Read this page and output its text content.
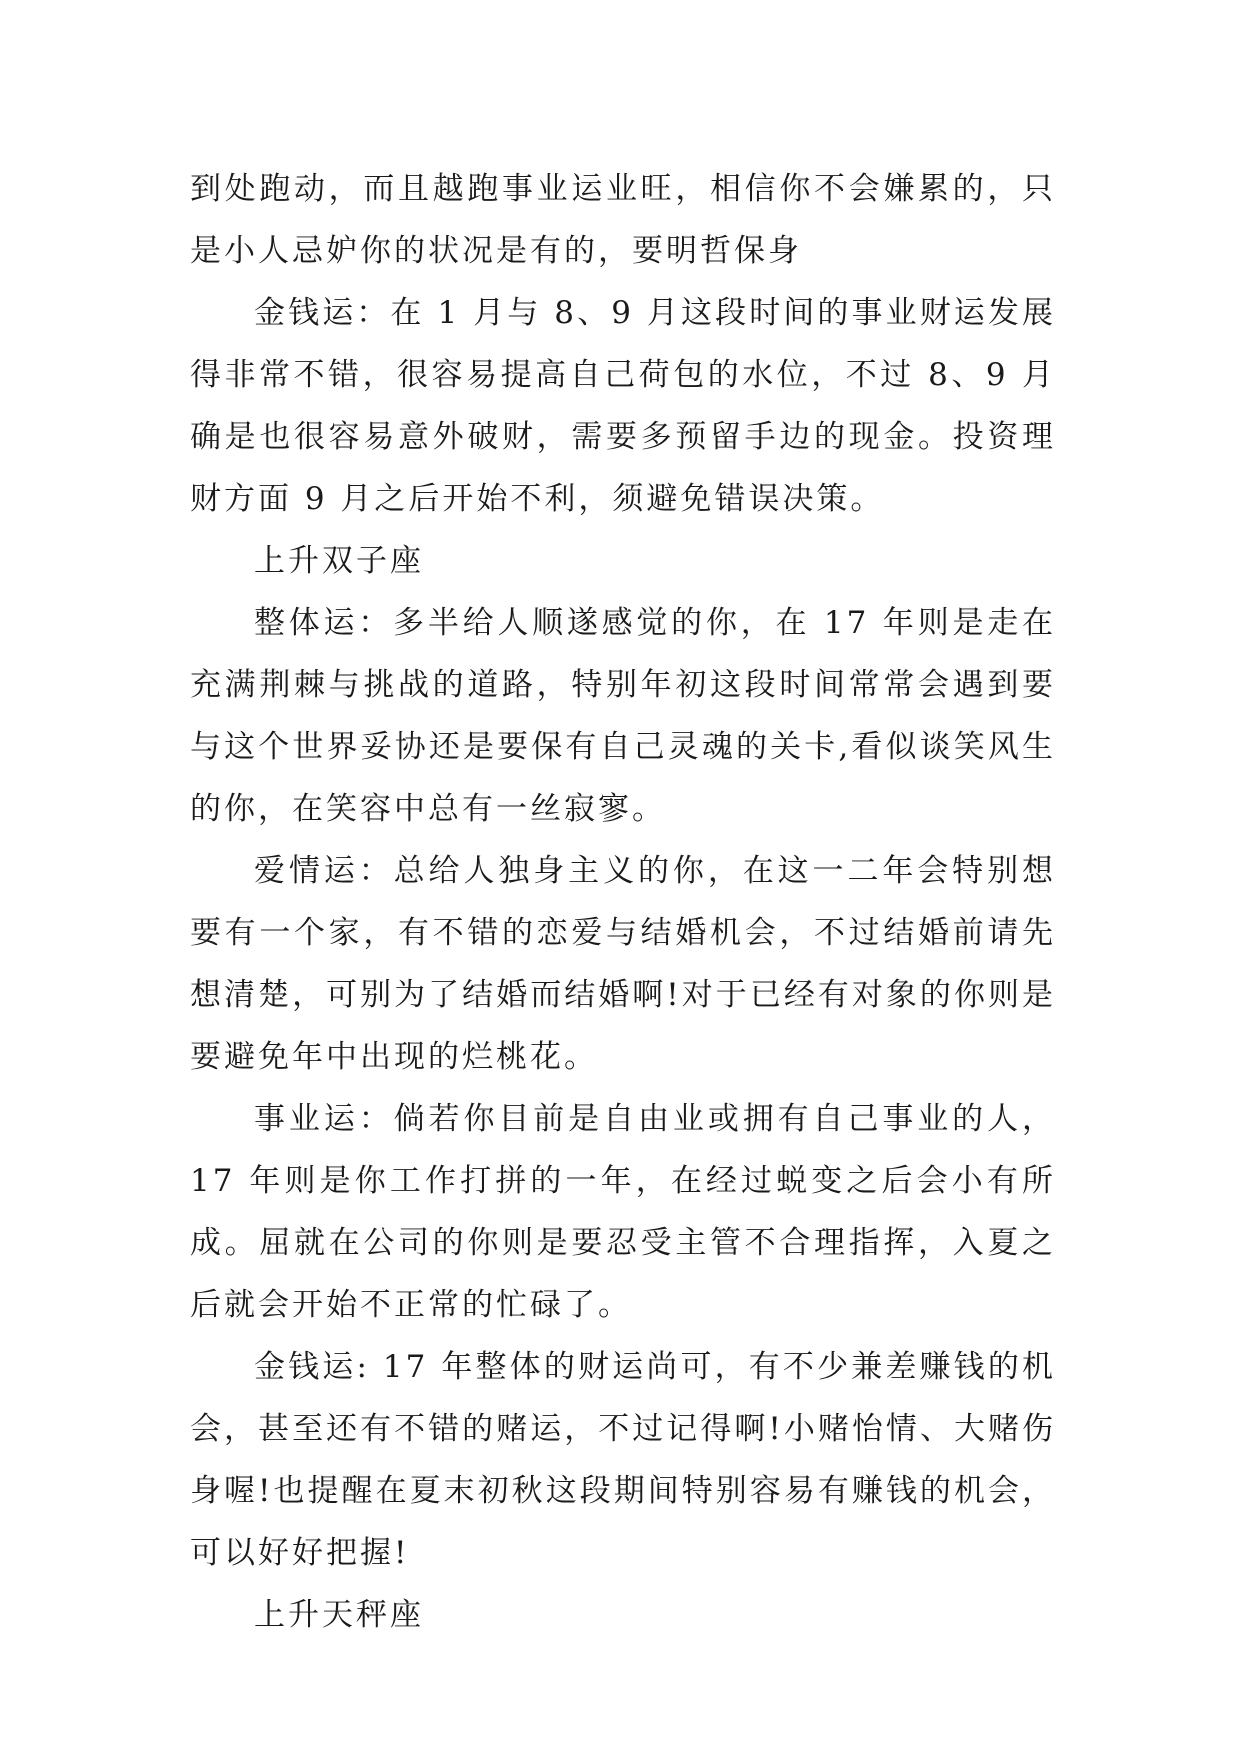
到处跑动，而且越跑事业运业旺，相信你不会嫌累的，只是小人忌妒你的状况是有的，要明哲保身

金钱运：在 1 月与 8、9 月这段时间的事业财运发展得非常不错，很容易提高自己荷包的水位，不过 8、9 月确是也很容易意外破财，需要多预留手边的现金。投资理财方面 9 月之后开始不利，须避免错误决策。

上升双子座

整体运：多半给人顺遂感觉的你，在 17 年则是走在充满荆棘与挑战的道路，特别年初这段时间常常会遇到要与这个世界妥协还是要保有自己灵魂的关卡,看似谈笑风生的你，在笑容中总有一丝寂寥。

爱情运：总给人独身主义的你，在这一二年会特别想要有一个家，有不错的恋爱与结婚机会，不过结婚前请先想清楚，可别为了结婚而结婚啊!对于已经有对象的你则是要避免年中出现的烂桃花。

事业运：倘若你目前是自由业或拥有自己事业的人，17 年则是你工作打拼的一年，在经过蜕变之后会小有所成。屈就在公司的你则是要忍受主管不合理指挥，入夏之后就会开始不正常的忙碌了。

金钱运: 17 年整体的财运尚可，有不少兼差赚钱的机会，甚至还有不错的赌运，不过记得啊!小赌怡情、大赌伤身喔!也提醒在夏末初秋这段期间特别容易有赚钱的机会，可以好好把握!

上升天秤座
